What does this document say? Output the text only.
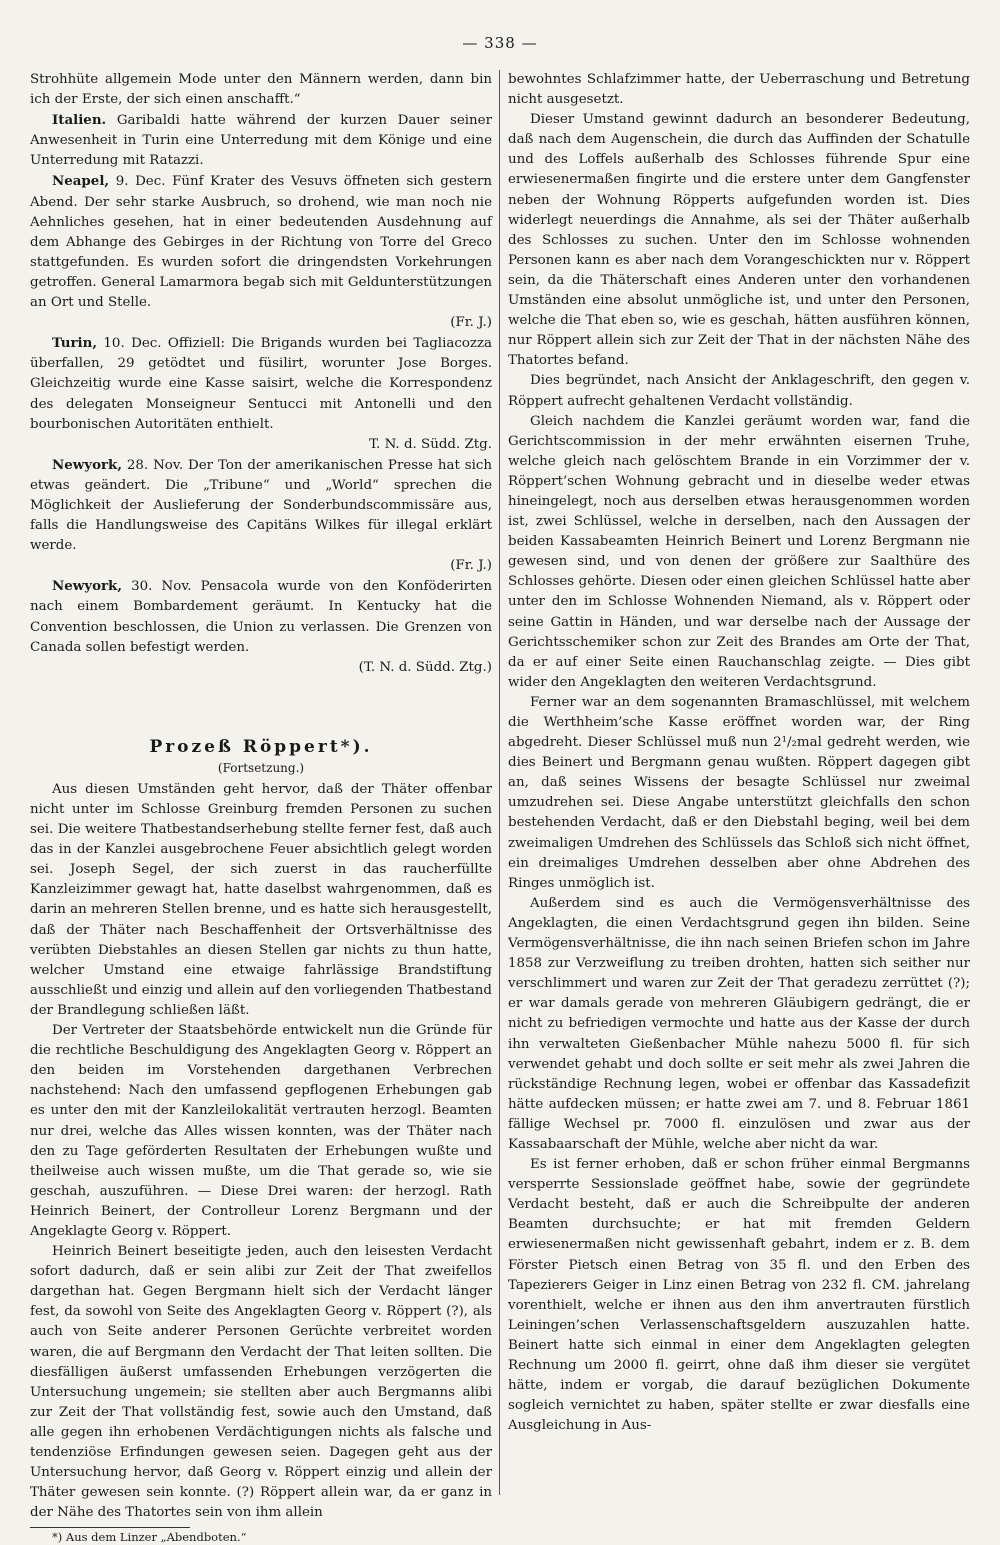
— 338 —

Strohhüte allgemein Mode unter den Männern werden, dann bin ich der Erste, der sich einen anschafft.“

Italien. Garibaldi hatte während der kurzen Dauer seiner Anwesenheit in Turin eine Unterredung mit dem Könige und eine Unterredung mit Ratazzi.

Neapel, 9. Dec. Fünf Krater des Vesuvs öffneten sich gestern Abend. Der sehr starke Ausbruch, so drohend, wie man noch nie Aehnliches gesehen, hat in einer bedeutenden Ausdehnung auf dem Abhange des Gebirges in der Richtung von Torre del Greco stattgefunden. Es wurden sofort die dringendsten Vorkehrungen getroffen. General Lamarmora begab sich mit Geldunterstützungen an Ort und Stelle.

(Fr. J.)

Turin, 10. Dec. Offiziell: Die Brigands wurden bei Tagliacozza überfallen, 29 getödtet und füsilirt, worunter Jose Borges. Gleichzeitig wurde eine Kasse saisirt, welche die Korrespondenz des delegaten Monseigneur Sentucci mit Antonelli und den bourbonischen Autoritäten enthielt.

T. N. d. Südd. Ztg.

Newyork, 28. Nov. Der Ton der amerikanischen Presse hat sich etwas geändert. Die „Tribune“ und „World“ sprechen die Möglichkeit der Auslieferung der Sonderbundscommissäre aus, falls die Handlungsweise des Capitäns Wilkes für illegal erklärt werde.

(Fr. J.)

Newyork, 30. Nov. Pensacola wurde von den Konföderirten nach einem Bombardement geräumt. In Kentucky hat die Convention beschlossen, die Union zu verlassen. Die Grenzen von Canada sollen befestigt werden.

(T. N. d. Südd. Ztg.)

Prozeß Röppert*).
(Fortsetzung.)

Aus diesen Umständen geht hervor, daß der Thäter offenbar nicht unter im Schlosse Greinburg fremden Personen zu suchen sei. Die weitere Thatbestandserhebung stellte ferner fest, daß auch das in der Kanzlei ausgebrochene Feuer absichtlich gelegt worden sei. Joseph Segel, der sich zuerst in das raucherfüllte Kanzleizimmer gewagt hat, hatte daselbst wahrgenommen, daß es darin an mehreren Stellen brenne, und es hatte sich herausgestellt, daß der Thäter nach Beschaffenheit der Ortsverhältnisse des verübten Diebstahles an diesen Stellen gar nichts zu thun hatte, welcher Umstand eine etwaige fahrlässige Brandstiftung ausschließt und einzig und allein auf den vorliegenden Thatbestand der Brandlegung schließen läßt.

Der Vertreter der Staatsbehörde entwickelt nun die Gründe für die rechtliche Beschuldigung des Angeklagten Georg v. Röppert an den beiden im Vorstehenden dargethanen Verbrechen nachstehend: Nach den umfassend gepflogenen Erhebungen gab es unter den mit der Kanzleilokalität vertrauten herzogl. Beamten nur drei, welche das Alles wissen konnten, was der Thäter nach den zu Tage geförderten Resultaten der Erhebungen wußte und theilweise auch wissen mußte, um die That gerade so, wie sie geschah, auszuführen. — Diese Drei waren: der herzogl. Rath Heinrich Beinert, der Controlleur Lorenz Bergmann und der Angeklagte Georg v. Röppert.

Heinrich Beinert beseitigte jeden, auch den leisesten Verdacht sofort dadurch, daß er sein alibi zur Zeit der That zweifellos dargethan hat. Gegen Bergmann hielt sich der Verdacht länger fest, da sowohl von Seite des Angeklagten Georg v. Röppert (?), als auch von Seite anderer Personen Gerüchte verbreitet worden waren, die auf Bergmann den Verdacht der That leiten sollten. Die diesfälligen äußerst umfassenden Erhebungen verzögerten die Untersuchung ungemein; sie stellten aber auch Bergmanns alibi zur Zeit der That vollständig fest, sowie auch den Umstand, daß alle gegen ihn erhobenen Verdächtigungen nichts als falsche und tendenziöse Erfindungen gewesen seien. Dagegen geht aus der Untersuchung hervor, daß Georg v. Röppert einzig und allein der Thäter gewesen sein konnte. (?) Röppert allein war, da er ganz in der Nähe des Thatortes sein von ihm allein

*) Aus dem Linzer „Abendboten.“

bewohntes Schlafzimmer hatte, der Ueberraschung und Betretung nicht ausgesetzt.

Dieser Umstand gewinnt dadurch an besonderer Bedeutung, daß nach dem Augenschein, die durch das Auffinden der Schatulle und des Loffels außerhalb des Schlosses führende Spur eine erwiesenermaßen fingirte und die erstere unter dem Gangfenster neben der Wohnung Röpperts aufgefunden worden ist. Dies widerlegt neuerdings die Annahme, als sei der Thäter außerhalb des Schlosses zu suchen. Unter den im Schlosse wohnenden Personen kann es aber nach dem Vorangeschickten nur v. Röppert sein, da die Thäterschaft eines Anderen unter den vorhandenen Umständen eine absolut unmögliche ist, und unter den Personen, welche die That eben so, wie es geschah, hätten ausführen können, nur Röppert allein sich zur Zeit der That in der nächsten Nähe des Thatortes befand.

Dies begründet, nach Ansicht der Anklageschrift, den gegen v. Röppert aufrecht gehaltenen Verdacht vollständig.

Gleich nachdem die Kanzlei geräumt worden war, fand die Gerichtscommission in der mehr erwähnten eisernen Truhe, welche gleich nach gelöschtem Brande in ein Vorzimmer der v. Röppert’schen Wohnung gebracht und in dieselbe weder etwas hineingelegt, noch aus derselben etwas herausgenommen worden ist, zwei Schlüssel, welche in derselben, nach den Aussagen der beiden Kassabeamten Heinrich Beinert und Lorenz Bergmann nie gewesen sind, und von denen der größere zur Saalthüre des Schlosses gehörte. Diesen oder einen gleichen Schlüssel hatte aber unter den im Schlosse Wohnenden Niemand, als v. Röppert oder seine Gattin in Händen, und war derselbe nach der Aussage der Gerichtsschemiker schon zur Zeit des Brandes am Orte der That, da er auf einer Seite einen Rauchanschlag zeigte. — Dies gibt wider den Angeklagten den weiteren Verdachtsgrund.

Ferner war an dem sogenannten Bramaschlüssel, mit welchem die Werthheim’sche Kasse eröffnet worden war, der Ring abgedreht. Dieser Schlüssel muß nun 2¹/₂mal gedreht werden, wie dies Beinert und Bergmann genau wußten. Röppert dagegen gibt an, daß seines Wissens der besagte Schlüssel nur zweimal umzudrehen sei. Diese Angabe unterstützt gleichfalls den schon bestehenden Verdacht, daß er den Diebstahl beging, weil bei dem zweimaligen Umdrehen des Schlüssels das Schloß sich nicht öffnet, ein dreimaliges Umdrehen desselben aber ohne Abdrehen des Ringes unmöglich ist.

Außerdem sind es auch die Vermögensverhältnisse des Angeklagten, die einen Verdachtsgrund gegen ihn bilden. Seine Vermögensverhältnisse, die ihn nach seinen Briefen schon im Jahre 1858 zur Verzweiflung zu treiben drohten, hatten sich seither nur verschlimmert und waren zur Zeit der That geradezu zerrüttet (?); er war damals gerade von mehreren Gläubigern gedrängt, die er nicht zu befriedigen vermochte und hatte aus der Kasse der durch ihn verwalteten Gießenbacher Mühle nahezu 5000 fl. für sich verwendet gehabt und doch sollte er seit mehr als zwei Jahren die rückständige Rechnung legen, wobei er offenbar das Kassadefizit hätte aufdecken müssen; er hatte zwei am 7. und 8. Februar 1861 fällige Wechsel pr. 7000 fl. einzulösen und zwar aus der Kassabaarschaft der Mühle, welche aber nicht da war.

Es ist ferner erhoben, daß er schon früher einmal Bergmanns versperrte Sessionslade geöffnet habe, sowie der gegründete Verdacht besteht, daß er auch die Schreibpulte der anderen Beamten durchsuchte; er hat mit fremden Geldern erwiesenermaßen nicht gewissenhaft gebahrt, indem er z. B. dem Förster Pietsch einen Betrag von 35 fl. und den Erben des Tapezierers Geiger in Linz einen Betrag von 232 fl. CM. jahrelang vorenthielt, welche er ihnen aus den ihm anvertrauten fürstlich Leiningen’schen Verlassenschaftsgeldern auszuzahlen hatte. Beinert hatte sich einmal in einer dem Angeklagten gelegten Rechnung um 2000 fl. geirrt, ohne daß ihm dieser sie vergütet hätte, indem er vorgab, die darauf bezüglichen Dokumente sogleich vernichtet zu haben, später stellte er zwar diesfalls eine Ausgleichung in Aus-
